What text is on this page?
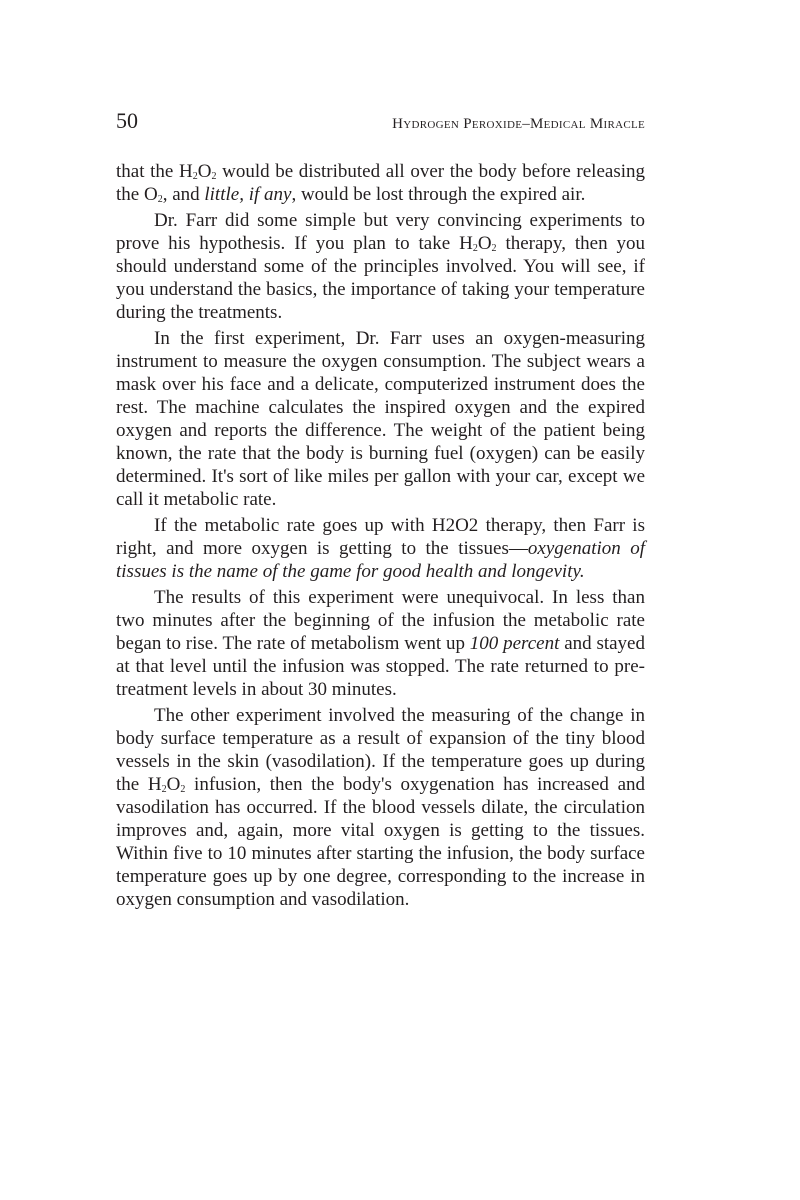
50	Hydrogen Peroxide–Medical Miracle

that the $H_2O_2$ would be distributed all over the body before releasing the $O_2$, and little, if any, would be lost through the expired air.

Dr. Farr did some simple but very convincing experiments to prove his hypothesis. If you plan to take $H_2O_2$ therapy, then you should understand some of the principles involved. You will see, if you understand the basics, the importance of taking your temperature during the treatments.

In the first experiment, Dr. Farr uses an oxygen-measuring instrument to measure the oxygen consumption. The subject wears a mask over his face and a delicate, computerized instrument does the rest. The machine calculates the inspired oxygen and the expired oxygen and reports the difference. The weight of the patient being known, the rate that the body is burning fuel (oxygen) can be easily determined. It's sort of like miles per gallon with your car, except we call it metabolic rate.

If the metabolic rate goes up with H2O2 therapy, then Farr is right, and more oxygen is getting to the tissues—oxygenation of tissues is the name of the game for good health and longevity.

The results of this experiment were unequivocal. In less than two minutes after the beginning of the infusion the metabolic rate began to rise. The rate of metabolism went up 100 percent and stayed at that level until the infusion was stopped. The rate returned to pre-treatment levels in about 30 minutes.

The other experiment involved the measuring of the change in body surface temperature as a result of expansion of the tiny blood vessels in the skin (vasodilation). If the temperature goes up during the $H_2O_2$ infusion, then the body's oxygenation has increased and vasodilation has occurred. If the blood vessels dilate, the circulation improves and, again, more vital oxygen is getting to the tissues. Within five to 10 minutes after starting the infusion, the body surface temperature goes up by one degree, corresponding to the increase in oxygen consumption and vasodilation.
